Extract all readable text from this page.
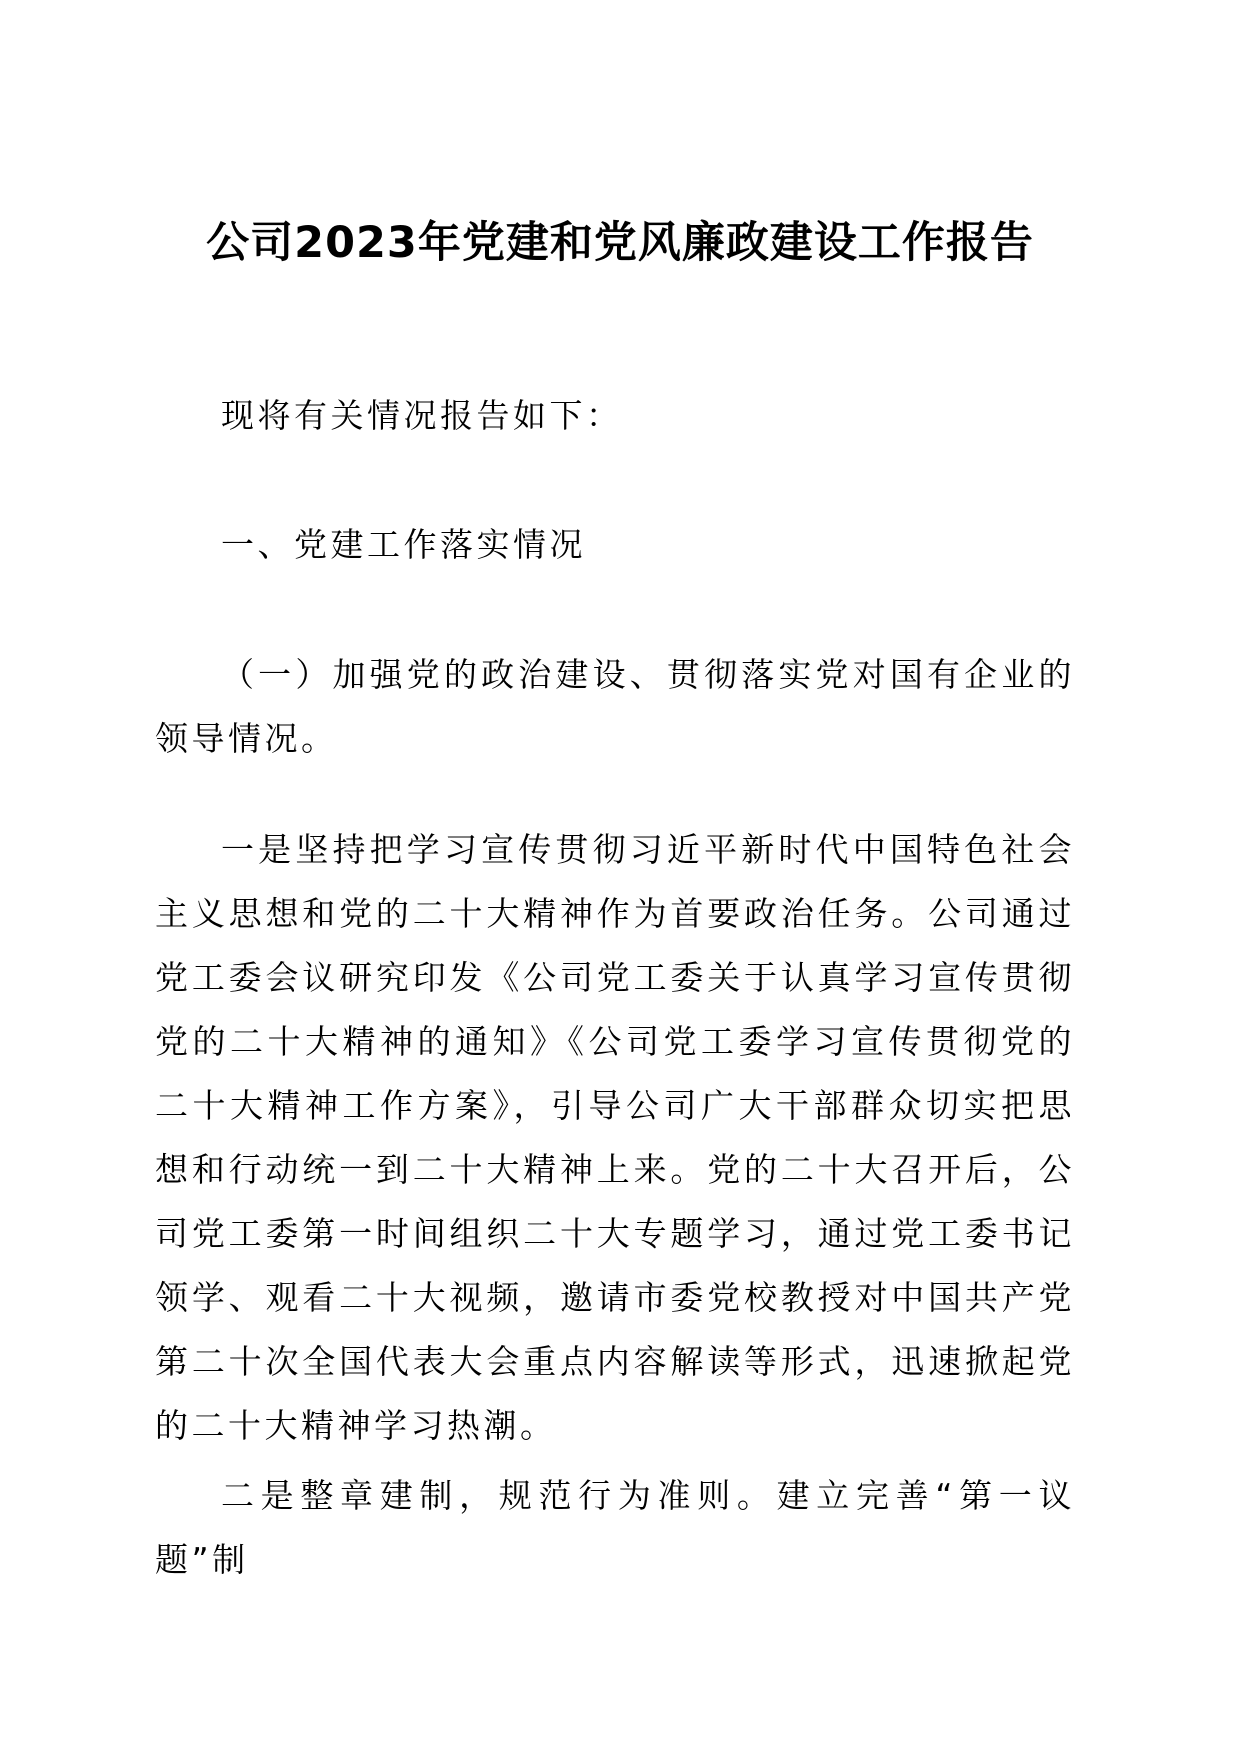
公司2023年党建和党风廉政建设工作报告
现将有关情况报告如下：
一、党建工作落实情况
（一）加强党的政治建设、贯彻落实党对国有企业的领导情况。
一是坚持把学习宣传贯彻习近平新时代中国特色社会主义思想和党的二十大精神作为首要政治任务。公司通过党工委会议研究印发《公司党工委关于认真学习宣传贯彻党的二十大精神的通知》《公司党工委学习宣传贯彻党的二十大精神工作方案》，引导公司广大干部群众切实把思想和行动统一到二十大精神上来。党的二十大召开后，公司党工委第一时间组织二十大专题学习，通过党工委书记领学、观看二十大视频，邀请市委党校教授对中国共产党第二十次全国代表大会重点内容解读等形式，迅速掀起党的二十大精神学习热潮。
二是整章建制，规范行为准则。建立完善“第一议题”制
